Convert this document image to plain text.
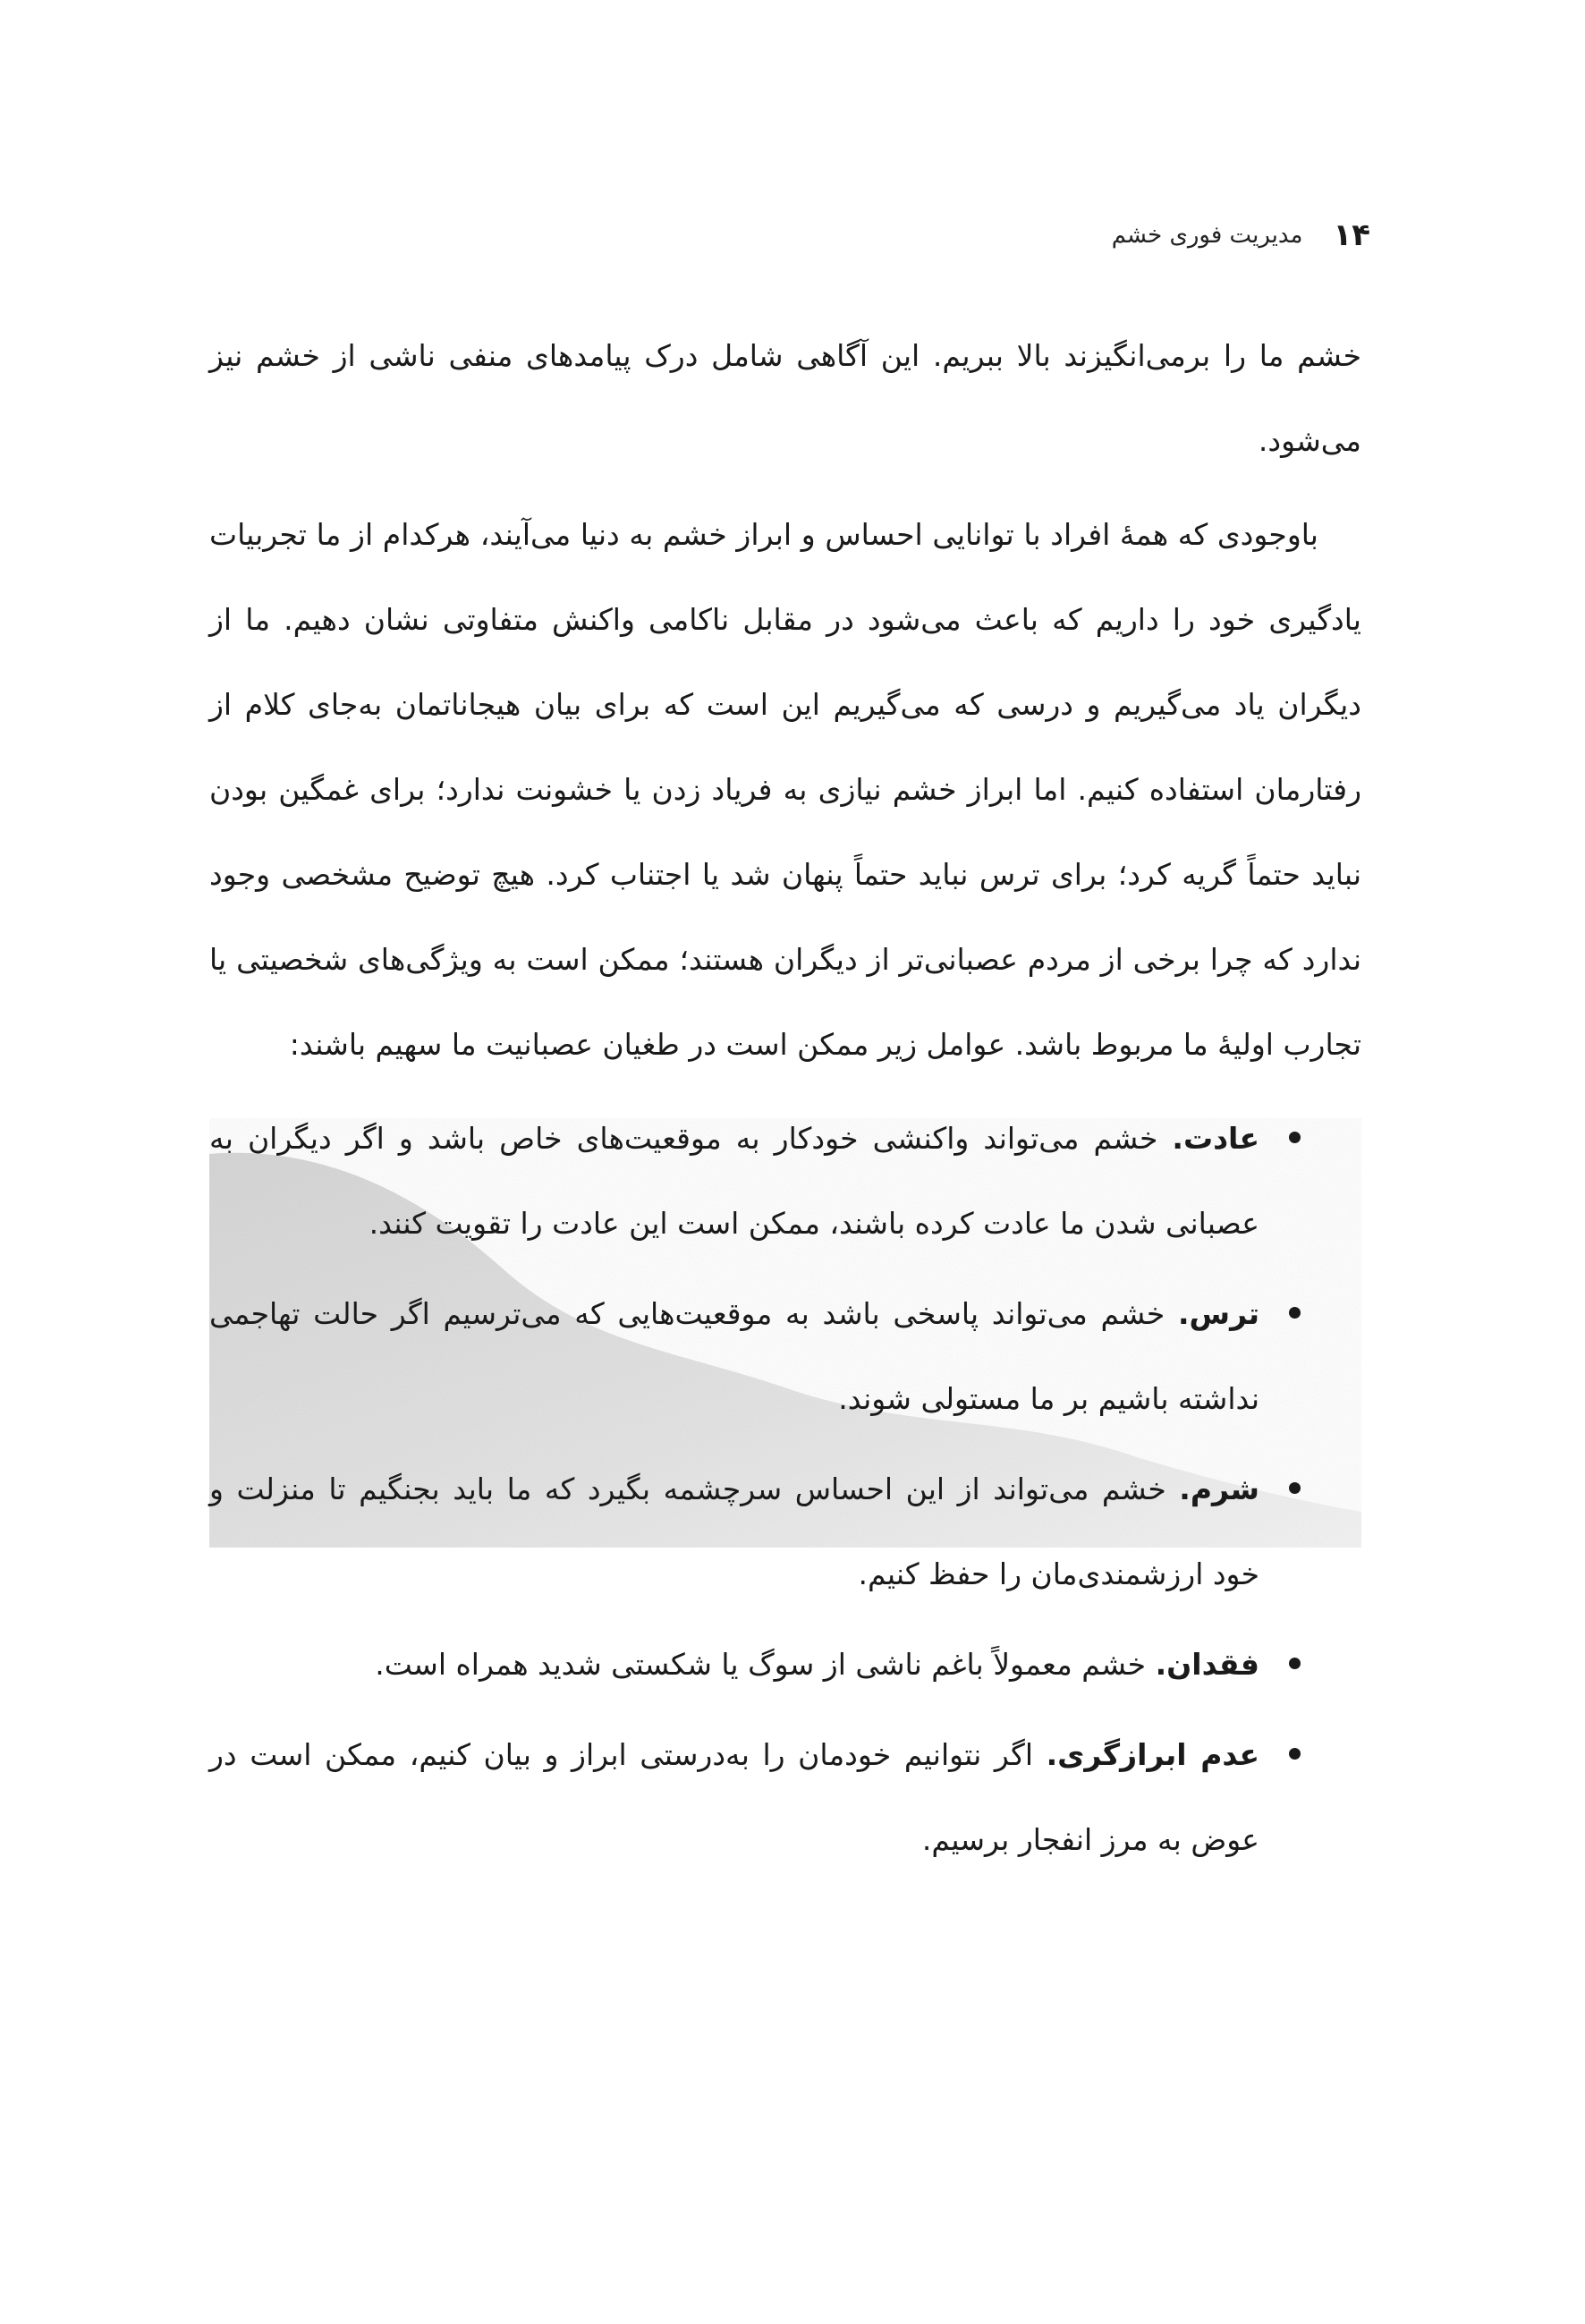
۱۴
مدیریت فوری خشم

خشم ما را برمی‌انگیزند بالا ببریم. این آگاهی شامل درک پیامدهای منفی ناشی از خشم نیز می‌شود.

باوجودی که همهٔ افراد با توانایی احساس و ابراز خشم به دنیا می‌آیند، هرکدام از ما تجربیات یادگیری خود را داریم که باعث می‌شود در مقابل ناکامی واکنش متفاوتی نشان دهیم. ما از دیگران یاد می‌گیریم و درسی که می‌گیریم این است که برای بیان هیجاناتمان به‌جای کلام از رفتارمان استفاده کنیم. اما ابراز خشم نیازی به فریاد زدن یا خشونت ندارد؛ برای غمگین بودن نباید حتماً گریه کرد؛ برای ترس نباید حتماً پنهان شد یا اجتناب کرد. هیچ توضیح مشخصی وجود ندارد که چرا برخی از مردم عصبانی‌تر از دیگران هستند؛ ممکن است به ویژگی‌های شخصیتی یا تجارب اولیهٔ ما مربوط باشد. عوامل زیر ممکن است در طغیان عصبانیت ما سهیم باشند:

عادت. خشم می‌تواند واکنشی خودکار به موقعیت‌های خاص باشد و اگر دیگران به عصبانی شدن ما عادت کرده باشند، ممکن است این عادت را تقویت کنند.
ترس. خشم می‌تواند پاسخی باشد به موقعیت‌هایی که می‌ترسیم اگر حالت تهاجمی نداشته باشیم بر ما مستولی شوند.
شرم. خشم می‌تواند از این احساس سرچشمه بگیرد که ما باید بجنگیم تا منزلت و خود ارزشمندی‌مان را حفظ کنیم.
فقدان. خشم معمولاً باغم ناشی از سوگ یا شکستی شدید همراه است.
عدم ابرازگری. اگر نتوانیم خودمان را به‌درستی ابراز و بیان کنیم، ممکن است در عوض به مرز انفجار برسیم.
